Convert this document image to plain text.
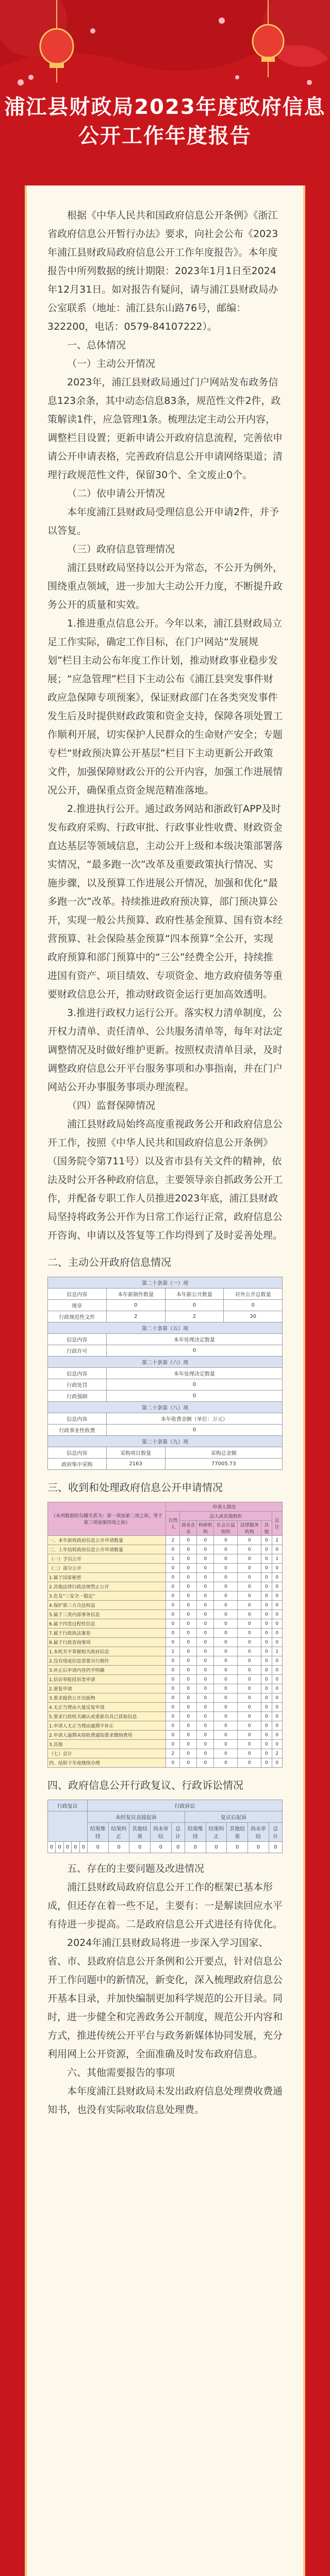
浦江县财政局2023年度政府信息
公开工作年度报告

根据《中华人民共和国政府信息公开条例》《浙江省政府信息公开暂行办法》要求，向社会公布《2023年浦江县财政局政府信息公开工作年度报告》。本年度报告中所列数据的统计期限：2023年1月1日至2024年12月31日。如对报告有疑问，请与浦江县财政局办公室联系（地址：浦江县东山路76号，邮编：322200，电话：0579-84107222）。

一、总体情况

（一）主动公开情况

2023年，浦江县财政局通过门户网站发布政务信息123余条，其中动态信息83条，规范性文件2件，政策解读1件，应急管理1条。梳理法定主动公开内容，调整栏目设置；更新申请公开政府信息流程，完善依申请公开申请表格，完善政府信息公开申请网络渠道；清理行政规范性文件，保留30个、全文废止0个。

（二）依申请公开情况

本年度浦江县财政局受理信息公开申请2件，并予以答复。

（三）政府信息管理情况

浦江县财政局坚持以公开为常态，不公开为例外，围绕重点领域，进一步加大主动公开力度，不断提升政务公开的质量和实效。

1.推进重点信息公开。今年以来，浦江县财政局立足工作实际，确定工作目标，在门户网站“发展规划”栏目主动公布年度工作计划，推动财政事业稳步发展；“应急管理”栏目下主动公布《浦江县突发事件财政应急保障专项预案》，保证财政部门在各类突发事件发生后及时提供财政政策和资金支持，保障各项处置工作顺利开展，切实保护人民群众的生命财产安全；专题专栏“财政预决算公开基层”栏目下主动更新公开政策文件，加强保障财政公开的公开内容，加强工作进展情况公开，确保重点资金规范精准落地。

2.推进执行公开。通过政务网站和浙政钉APP及时发布政府采购、行政审批、行政事业性收费、财政资金直达基层等领域信息，主动公开上级和本级决策部署落实情况，“最多跑一次”改革及重要政策执行情况、实施步骤，以及预算工作进展公开情况，加强和优化“最多跑一次”改革。持续推进政府预决算，部门预决算公开，实现一般公共预算、政府性基金预算、国有资本经营预算、社会保险基金预算“四本预算”全公开，实现政府预算和部门预算中的“三公”经费全公开，持续推进国有资产、项目绩效、专项资金、地方政府债务等重要财政信息公开，推动财政资金运行更加高效透明。

3.推进行政权力运行公开。落实权力清单制度，公开权力清单、责任清单、公共服务清单等，每年对法定调整情况及时做好维护更新。按照权责清单目录，及时调整政府信息公开平台服务事项和办事指南，并在门户网站公开办事服务事项办理流程。

（四）监督保障情况

浦江县财政局始终高度重视政务公开和政府信息公开工作，按照《中华人民共和国政府信息公开条例》（国务院令第711号）以及省市县有关文件的精神，依法及时公开各种政府信息，主要领导亲自抓政务公开工作，并配备专职工作人员推进2023年底，浦江县财政局坚持将政务公开作为日常工作运行正常，政府信息公开咨询、申请以及答复等工作均得到了及时妥善处理。

二、主动公开政府信息情况

第二十条第（一）项			
信息内容	本年新制作数量	本年新公开数量	对外公开总数量
规章	0	0	0
行政规范性文件	2	2	30
第二十条第（五）项			
信息内容	本年处理决定数量		
行政许可	0		
第二十条第（六）项			
信息内容	本年处理决定数量		
行政处罚	0		
行政强制	0		
第二十条第（八）项			
信息内容	本年收费金额（单位：万元）		
行政事业性收费	0		
第二十条第（九）项			
信息内容	采购项目数量	采购总金额	
政府集中采购	2163	77005.73	

三、收到和处理政府信息公开申请情况

（本列数据的勾稽关系为：第一项加第二项之和，等于第三项加第四项之和）	申请人情况						
	自然人	法人或其他组织					总计
		商业企业	科研机构	社会公益组织	法律服务机构	其他	
一、本年新收政府信息公开申请数量	2	0	0	0	0	0	2
二、上年结转政府信息公开申请数量	0	0	0	0	0	0	0
（一）予以公开	1	0	0	0	0	0	1
（二）部分公开	0	0	0	0	0	0	0
1.属于国家秘密	0	0	0	0	0	0	0
2.其他法律行政法规禁止公开	0	0	0	0	0	0	0
3.危及“三安全一稳定”	0	0	0	0	0	0	0
4.保护第三方合法权益	0	0	0	0	0	0	0
5.属于三类内部事务信息	0	0	0	0	0	0	0
6.属于四类过程性信息	0	0	0	0	0	0	0
7.属于行政执法案卷	0	0	0	0	0	0	0
8.属于行政查询事项	0	0	0	0	0	0	0
1.本机关不掌握相关政府信息	1	0	0	0	0	0	1
2.没有现成信息需要另行制作	0	0	0	0	0	0	0
3.补正后申请内容仍不明确	0	0	0	0	0	0	0
1.信访举报投诉类申请	0	0	0	0	0	0	0
2.重复申请	0	0	0	0	0	0	0
3.要求提供公开出版物	0	0	0	0	0	0	0
4.无正当理由大量反复申请	0	0	0	0	0	0	0
5.要求行政机关确认或重新出具已获取信息	0	0	0	0	0	0	0
1.申请人无正当理由逾期不补正	0	0	0	0	0	0	0
2.申请人逾期未按收费通知要求缴纳费用	0	0	0	0	0	0	0
3.其他	0	0	0	0	0	0	0
（七）总计	2	0	0	0	0	0	2
四、结转下年度继续办理	0	0	0	0	0	0	0

四、政府信息公开行政复议、行政诉讼情况

行政复议					行政诉讼									
					未经复议直接起诉					复议后起诉				
					结果维持	结果纠正	其他结果	尚未审结	总计	结果维持	结果纠正	其他结果	尚未审结	总计
0	0	0	0	0	0	0	0	0	0	0	0	0	0	0

五、存在的主要问题及改进情况

浦江县财政局政府信息公开工作的框架已基本形成，但还存在着一些不足，主要有：一是解读回应水平有待进一步提高。二是政府信息公开式进径有待优化。

2024年浦江县财政局将进一步深入学习国家、省、市、县政府信息公开条例和公开要点，针对信息公开工作问题中的新情况，新变化，深入梳理政府信息公开基本目录，并加快编制更加科学规范的公开目录。同时，进一步健全和完善政务公开制度，规范公开内容和方式，推进传统公开平台与政务新媒体协同发展，充分利用网上公开资源，全面准确及时发布政府信息。

六、其他需要报告的事项

本年度浦江县财政局未发出政府信息处理费收费通知书，也没有实际收取信息处理费。
